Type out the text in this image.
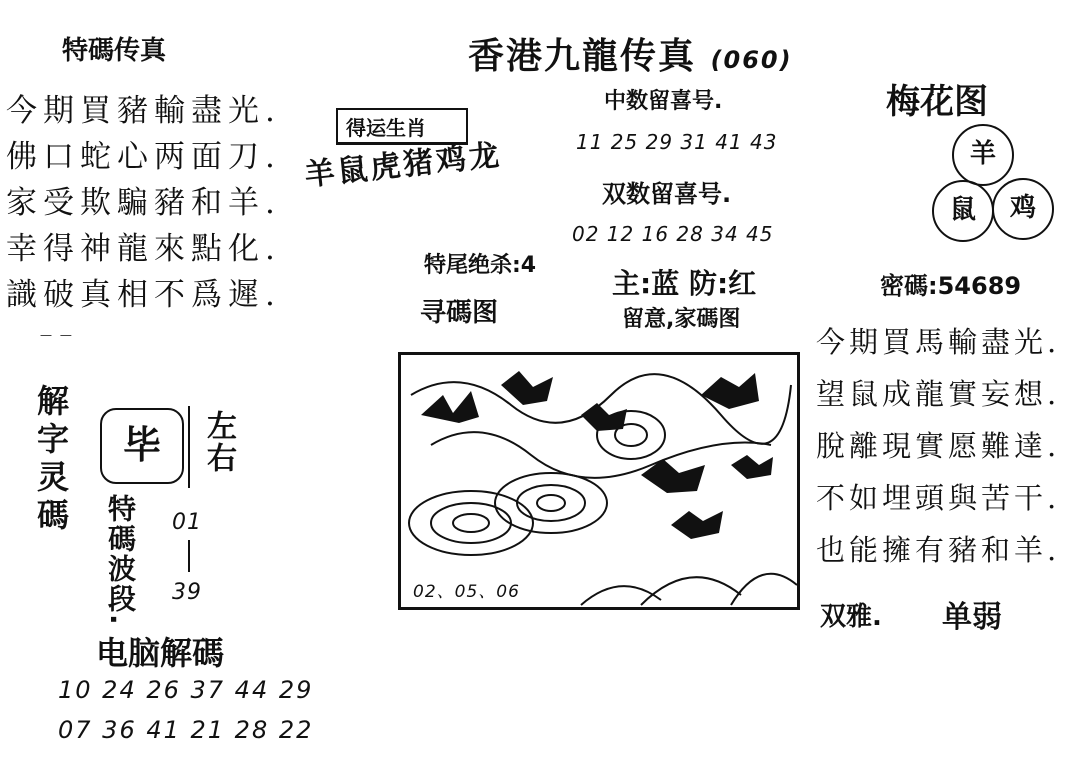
特碼传真	香港九龍传真 (060)
今期買豬輸盡光.
佛口蛇心两面刀.
家受欺騙豬和羊.
幸得神龍來點化.
識破真相不爲遲.
— —
得运生肖
羊鼠虎猪鸡龙
中数留喜号.
11 25 29 31 41 43
双数留喜号.
02 12 16 28 34 45
特尾绝杀:4
寻碼图
主:蓝 防:红
留意,家碼图
02、05、06
梅花图
羊
鼠	鸡
密碼:54689
今期買馬輸盡光.
望鼠成龍實妄想.
脫離現實愿難達.
不如埋頭與苦干.
也能擁有豬和羊.
双雅. 单弱
解字灵碼	毕	左右
特碼波段. 01
39
电脑解碼
10 24 26 37 44 29
07 36 41 21 28 22
